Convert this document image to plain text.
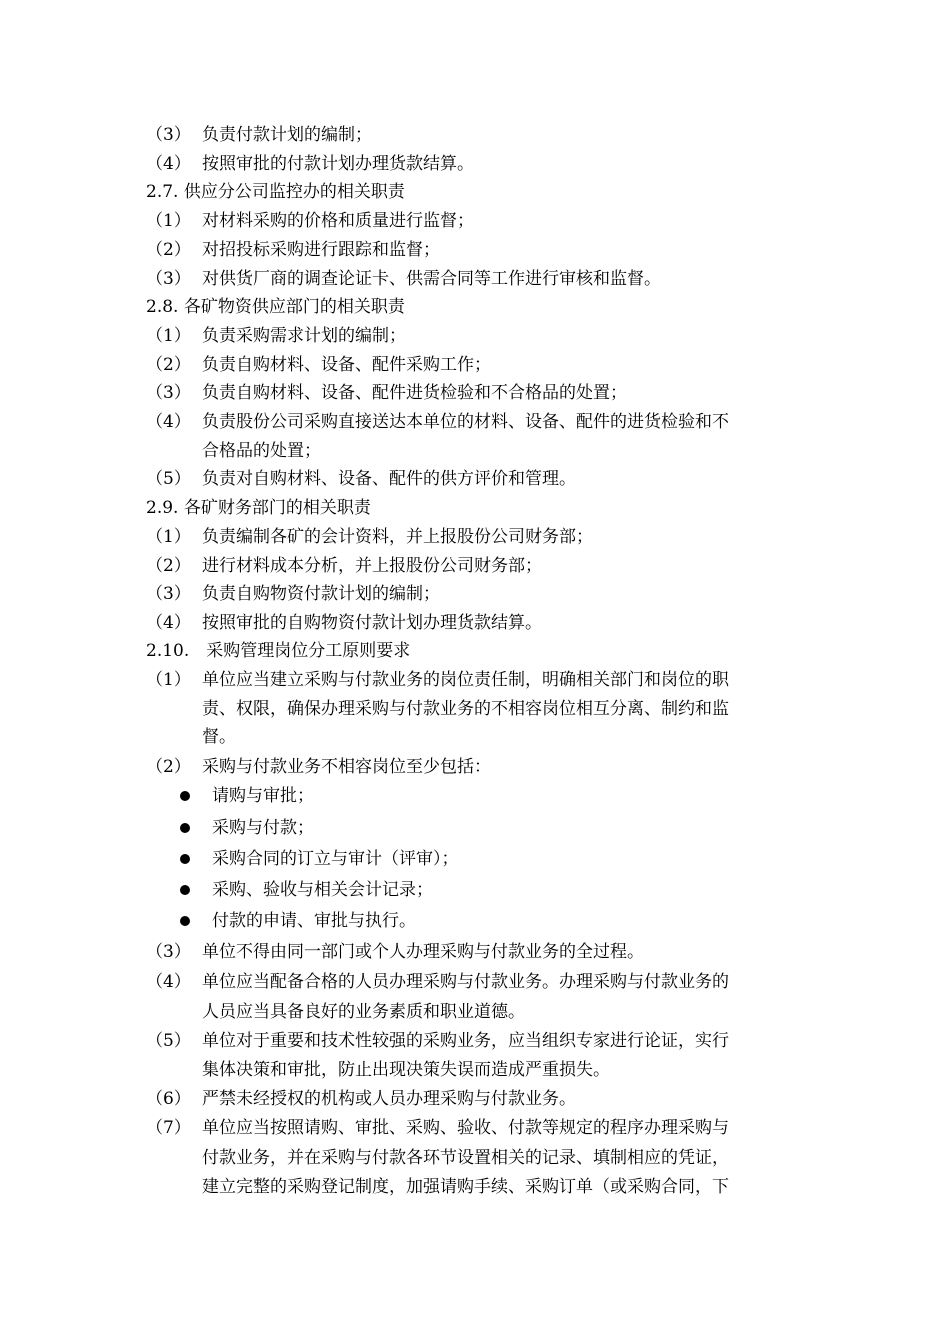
（3） 负责付款计划的编制；
（4） 按照审批的付款计划办理货款结算。
2.7. 供应分公司监控办的相关职责
（1） 对材料采购的价格和质量进行监督；
（2） 对招投标采购进行跟踪和监督；
（3） 对供货厂商的调查论证卡、供需合同等工作进行审核和监督。
2.8. 各矿物资供应部门的相关职责
（1） 负责采购需求计划的编制；
（2） 负责自购材料、设备、配件采购工作；
（3） 负责自购材料、设备、配件进货检验和不合格品的处置；
（4） 负责股份公司采购直接送达本单位的材料、设备、配件的进货检验和不
合格品的处置；
（5） 负责对自购材料、设备、配件的供方评价和管理。
2.9. 各矿财务部门的相关职责
（1） 负责编制各矿的会计资料，并上报股份公司财务部；
（2） 进行材料成本分析，并上报股份公司财务部；
（3） 负责自购物资付款计划的编制；
（4） 按照审批的自购物资付款计划办理货款结算。
2.10.　采购管理岗位分工原则要求
（1） 单位应当建立采购与付款业务的岗位责任制，明确相关部门和岗位的职
责、权限，确保办理采购与付款业务的不相容岗位相互分离、制约和监
督。
（2） 采购与付款业务不相容岗位至少包括：
请购与审批；
采购与付款；
采购合同的订立与审计（评审）；
采购、验收与相关会计记录；
付款的申请、审批与执行。
（3） 单位不得由同一部门或个人办理采购与付款业务的全过程。
（4） 单位应当配备合格的人员办理采购与付款业务。办理采购与付款业务的
人员应当具备良好的业务素质和职业道德。
（5） 单位对于重要和技术性较强的采购业务，应当组织专家进行论证，实行
集体决策和审批，防止出现决策失误而造成严重损失。
（6） 严禁未经授权的机构或人员办理采购与付款业务。
（7） 单位应当按照请购、审批、采购、验收、付款等规定的程序办理采购与
付款业务，并在采购与付款各环节设置相关的记录、填制相应的凭证，
建立完整的采购登记制度，加强请购手续、采购订单（或采购合同，下
